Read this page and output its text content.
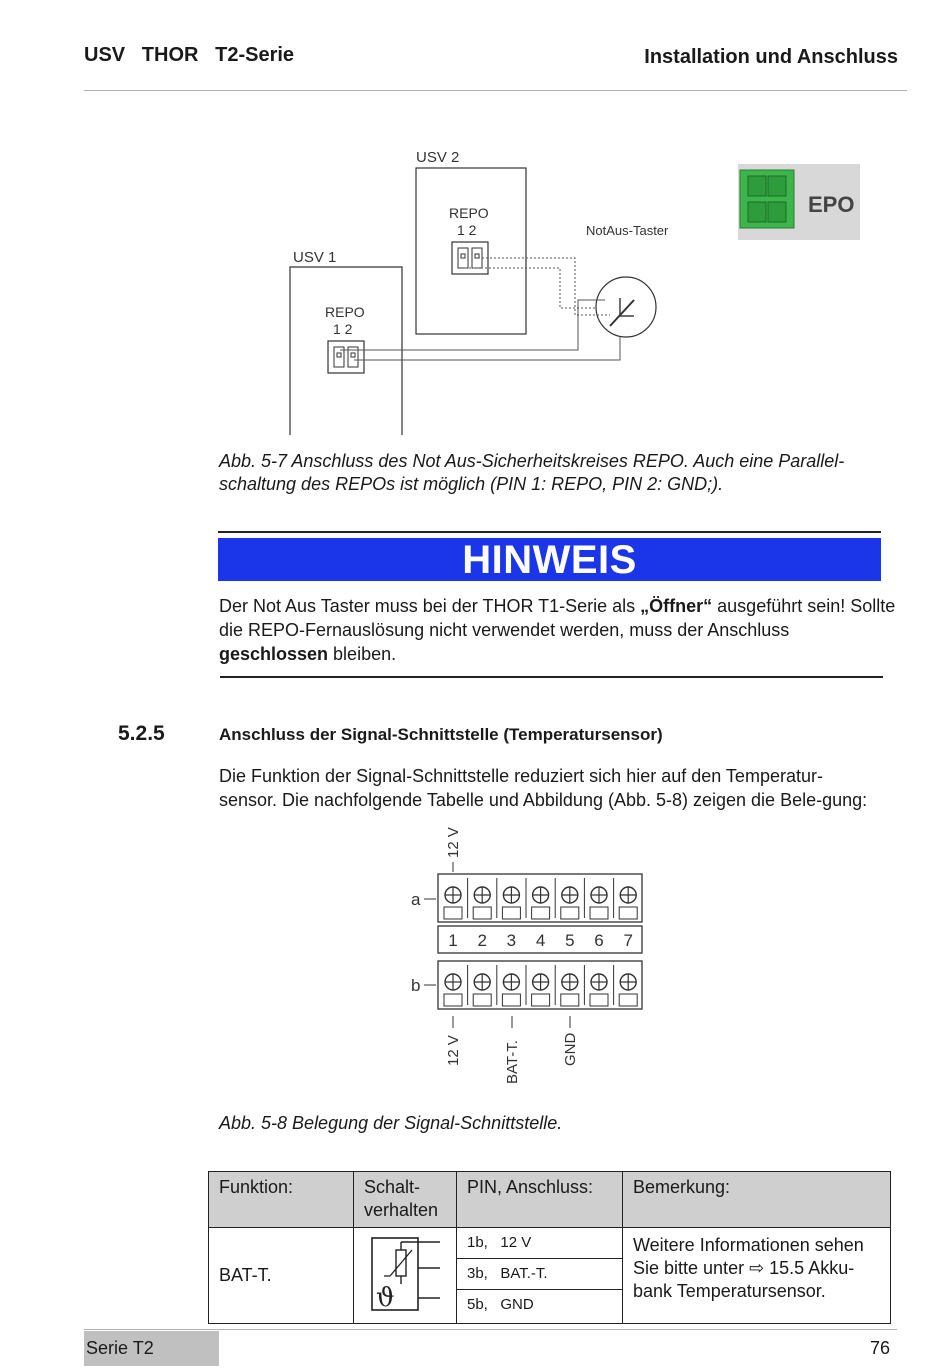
USV   THOR   T2-Serie	Installation und Anschluss
USV 2
REPO
1 2
USV 1
REPO
1 2
NotAus-Taster
EPO
Abb. 5-7 Anschluss des Not Aus-Sicherheitskreises REPO. Auch eine Parallel-
schaltung des REPOs ist möglich (PIN 1: REPO, PIN 2: GND;).
HINWEIS
Der Not Aus Taster muss bei der THOR T1-Serie als „Öffner“ ausgeführt sein! Sollte die REPO-Fernauslösung nicht verwendet werden, muss der Anschluss geschlossen bleiben.
5.2.5	Anschluss der Signal-Schnittstelle (Temperatursensor)
Die Funktion der Signal-Schnittstelle reduziert sich hier auf den Temperatur-sensor. Die nachfolgende Tabelle und Abbildung (Abb. 5-8) zeigen die Bele-gung:
12 V
a
1 2 3 4 5 6 7
b
12 V	BAT-T.	GND
Abb. 5-8 Belegung der Signal-Schnittstelle.
Funktion:	Schalt-verhalten	PIN, Anschluss:	Bemerkung:
BAT-T.	ϑ	1b,   12 V
3b,   BAT.-T.
5b,   GND	Weitere Informationen sehen Sie bitte unter ⇨ 15.5 Akku-bank Temperatursensor.
Serie T2	76
